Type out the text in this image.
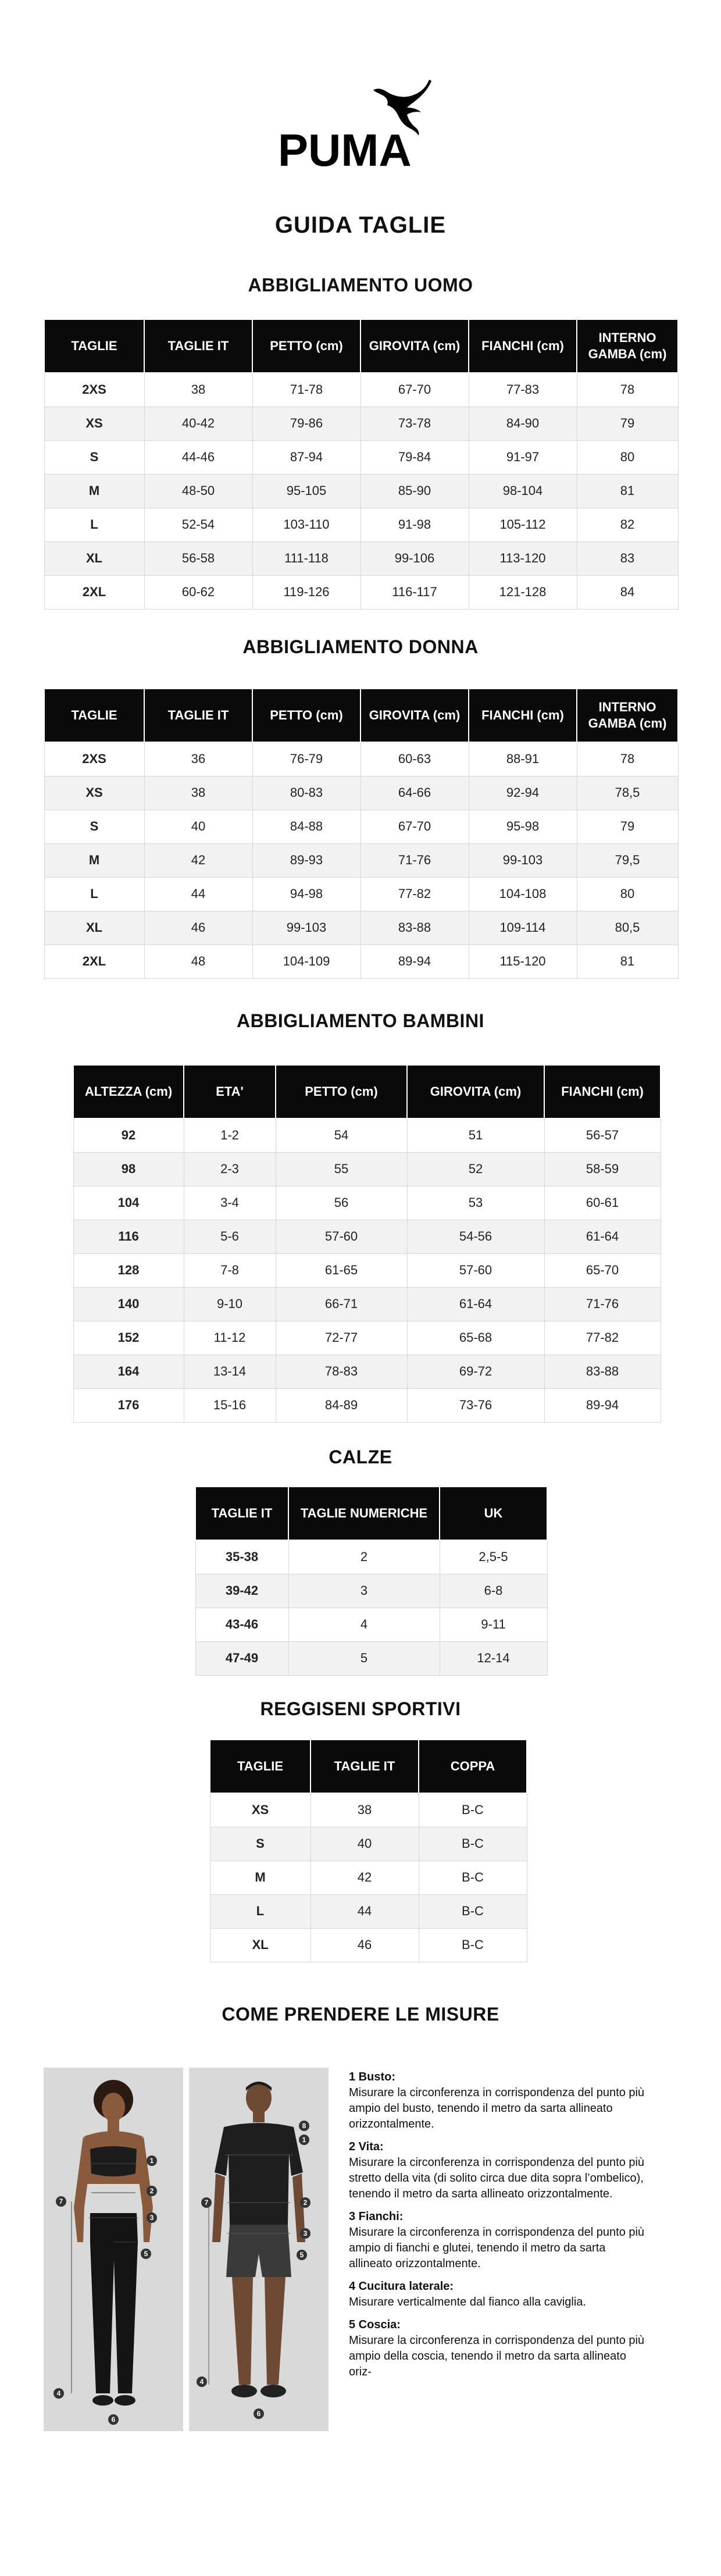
PUMA
GUIDA TAGLIE
ABBIGLIAMENTO UOMO
TAGLIE	TAGLIE IT	PETTO (cm)	GIROVITA (cm)	FIANCHI (cm)	INTERNO GAMBA (cm)
2XS	38	71-78	67-70	77-83	78
XS	40-42	79-86	73-78	84-90	79
S	44-46	87-94	79-84	91-97	80
M	48-50	95-105	85-90	98-104	81
L	52-54	103-110	91-98	105-112	82
XL	56-58	111-118	99-106	113-120	83
2XL	60-62	119-126	116-117	121-128	84
ABBIGLIAMENTO DONNA
TAGLIE	TAGLIE IT	PETTO (cm)	GIROVITA (cm)	FIANCHI (cm)	INTERNO GAMBA (cm)
2XS	36	76-79	60-63	88-91	78
XS	38	80-83	64-66	92-94	78,5
S	40	84-88	67-70	95-98	79
M	42	89-93	71-76	99-103	79,5
L	44	94-98	77-82	104-108	80
XL	46	99-103	83-88	109-114	80,5
2XL	48	104-109	89-94	115-120	81
ABBIGLIAMENTO BAMBINI
ALTEZZA (cm)	ETA'	PETTO (cm)	GIROVITA (cm)	FIANCHI (cm)
92	1-2	54	51	56-57
98	2-3	55	52	58-59
104	3-4	56	53	60-61
116	5-6	57-60	54-56	61-64
128	7-8	61-65	57-60	65-70
140	9-10	66-71	61-64	71-76
152	11-12	72-77	65-68	77-82
164	13-14	78-83	69-72	83-88
176	15-16	84-89	73-76	89-94
CALZE
TAGLIE IT	TAGLIE NUMERICHE	UK
35-38	2	2,5-5
39-42	3	6-8
43-46	4	9-11
47-49	5	12-14
REGGISENI SPORTIVI
TAGLIE	TAGLIE IT	COPPA
XS	38	B-C
S	40	B-C
M	42	B-C
L	44	B-C
XL	46	B-C
COME PRENDERE LE MISURE
1
2
3
4
5
6
7
8
1
2
3
5
4
6
7
1 Busto:
Misurare la circonferenza in corrispondenza del punto più ampio del busto, tenendo il metro da sarta allineato orizzontalmente.
2 Vita:
Misurare la circonferenza in corrispondenza del punto più stretto della vita (di solito circa due dita sopra l’ombelico), tenendo il metro da sarta allineato orizzontalmente.
3 Fianchi:
Misurare la circonferenza in corrispondenza del punto più ampio di fianchi e glutei, tenendo il metro da sarta allineato orizzontalmente.
4 Cucitura laterale:
Misurare verticalmente dal fianco alla caviglia.
5 Coscia:
Misurare la circonferenza in corrispondenza del punto più ampio della coscia, tenendo il metro da sarta allineato oriz-
